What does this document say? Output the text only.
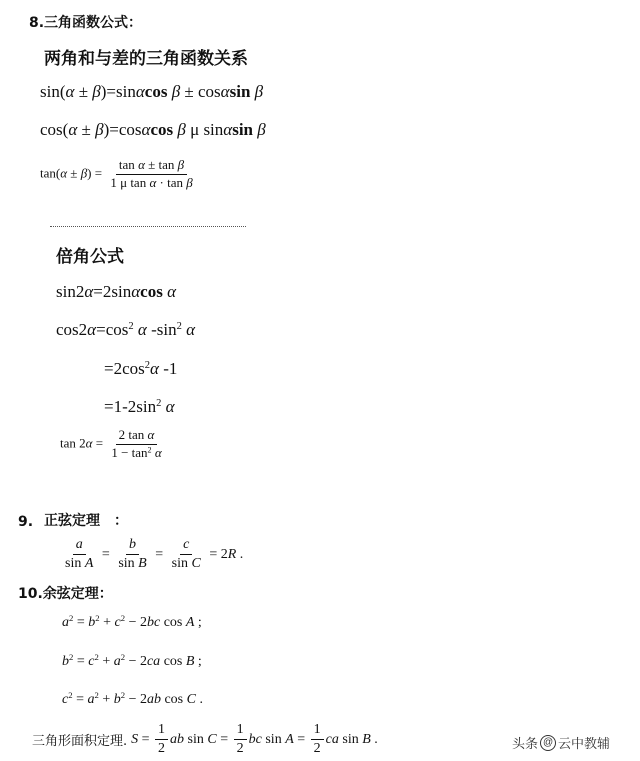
8.三角函数公式：
两角和与差的三角函数关系
sin(α ± β)=sinαcos β ± cosαsin β
cos(α ± β)=cosαcos β μ sinαsin β
$\tan(\alpha \pm \beta) = \frac{\text{tan α ± tan β}}{\text{1 μ tan α · tan β}}$
倍角公式
sin2α=2sinαcos α
$\cos 2\alpha=\cos^2$ α $-\sin^2$ α
$=2\cos^2\alpha$ -1
$=1-2\sin^2$ α

$\tan 2\alpha = \frac{\text{2 tan α}}{1 - \tan^2 \alpha}$
9. 正弦定理　：
$\frac{a}{\text{sin A}} = \frac{b}{\text{sin B}} = \frac{c}{\text{sin C}} = 2R$ .
10.余弦定理：
$a^2 = b^2 + c^2 - 2bc$ cos A ;
$b^2 = c^2 + a^2 - 2ca$ cos B ;
$c^2 = a^2 + b^2 - 2ab$ cos C .
三角形面积定理. $S = \frac{1}{2}$ ab $\sin C = \frac{1}{2}$ bc $\sin A = \frac{1}{2}$ ca sin B .	头条 @ 云中教辅
